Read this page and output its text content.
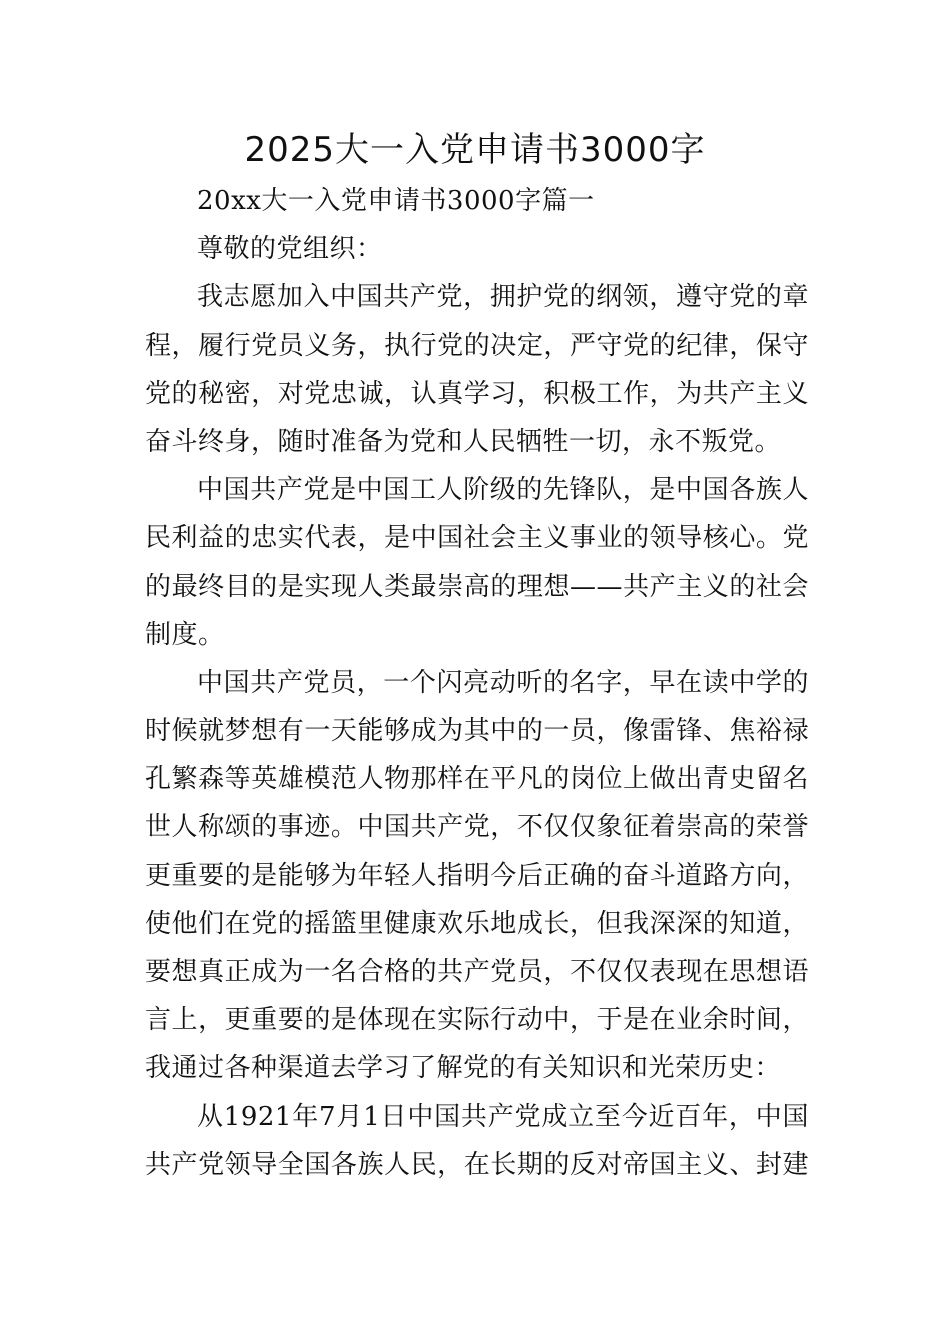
2025大一入党申请书3000字
20xx大一入党申请书3000字篇一
尊敬的党组织：
我志愿加入中国共产党，拥护党的纲领，遵守党的章
程，履行党员义务，执行党的决定，严守党的纪律，保守
党的秘密，对党忠诚，认真学习，积极工作，为共产主义
奋斗终身，随时准备为党和人民牺牲一切，永不叛党。
中国共产党是中国工人阶级的先锋队，是中国各族人
民利益的忠实代表，是中国社会主义事业的领导核心。党
的最终目的是实现人类最崇高的理想——共产主义的社会
制度。
中国共产党员，一个闪亮动听的名字，早在读中学的
时候就梦想有一天能够成为其中的一员，像雷锋、焦裕禄
孔繁森等英雄模范人物那样在平凡的岗位上做出青史留名
世人称颂的事迹。中国共产党，不仅仅象征着崇高的荣誉
更重要的是能够为年轻人指明今后正确的奋斗道路方向，
使他们在党的摇篮里健康欢乐地成长，但我深深的知道，
要想真正成为一名合格的共产党员，不仅仅表现在思想语
言上，更重要的是体现在实际行动中，于是在业余时间，
我通过各种渠道去学习了解党的有关知识和光荣历史：
从1921年7月1日中国共产党成立至今近百年，中国
共产党领导全国各族人民，在长期的反对帝国主义、封建
